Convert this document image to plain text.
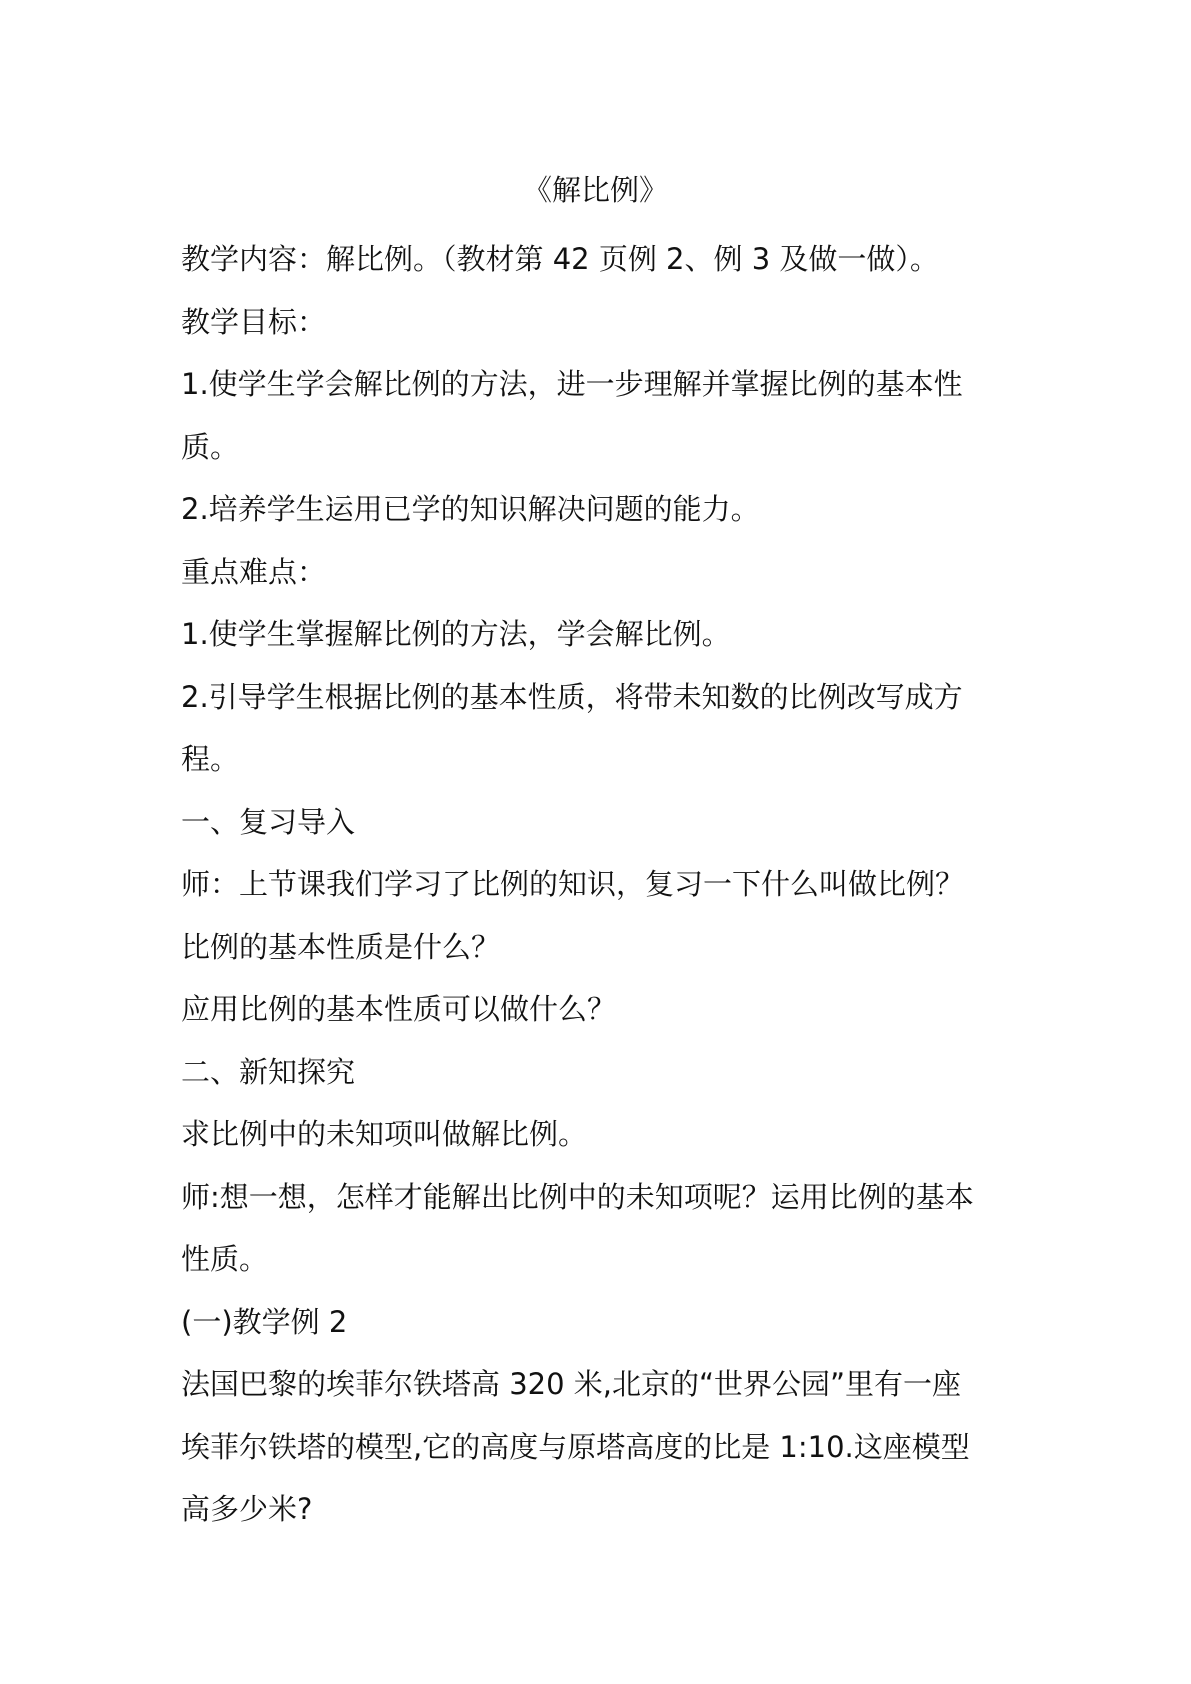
《解比例》

教学内容：解比例。（教材第 42 页例 2、例 3 及做一做）。

教学目标：

1.使学生学会解比例的方法，进一步理解并掌握比例的基本性

质。

2.培养学生运用已学的知识解决问题的能力。

重点难点：

1.使学生掌握解比例的方法，学会解比例。

2.引导学生根据比例的基本性质，将带未知数的比例改写成方

程。

一、复习导入

师：上节课我们学习了比例的知识，复习一下什么叫做比例？

比例的基本性质是什么？

应用比例的基本性质可以做什么？

二、新知探究

求比例中的未知项叫做解比例。

师:想一想，怎样才能解出比例中的未知项呢？运用比例的基本

性质。

(一)教学例 2

法国巴黎的埃菲尔铁塔高 320 米,北京的“世界公园”里有一座

埃菲尔铁塔的模型,它的高度与原塔高度的比是 1:10.这座模型

高多少米?
